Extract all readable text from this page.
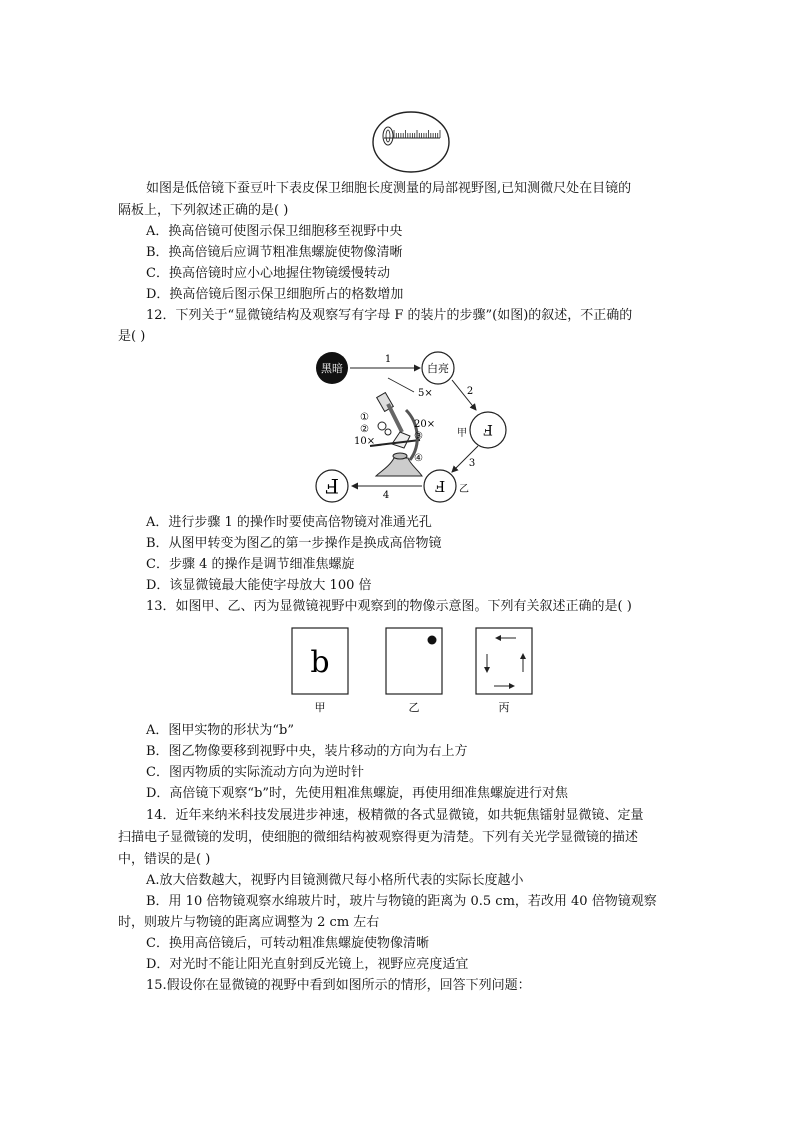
如图是低倍镜下蚕豆叶下表皮保卫细胞长度测量的局部视野图,已知测微尺处在目镜的
隔板上，下列叙述正确的是( )
A．换高倍镜可使图示保卫细胞移至视野中央
B．换高倍镜后应调节粗准焦螺旋使物像清晰
C．换高倍镜时应小心地握住物镜缓慢转动
D．换高倍镜后图示保卫细胞所占的格数增加
12．下列关于“显微镜结构及观察写有字母 F 的装片的步骤”(如图)的叙述，不正确的
是( )
黑暗	白亮
1
F
甲
2
F 乙
3
F	4
5×
①
②	20×
③
10×
④
A．进行步骤 1 的操作时要使高倍物镜对准通光孔
B．从图甲转变为图乙的第一步操作是换成高倍物镜
C．步骤 4 的操作是调节细准焦螺旋
D．该显微镜最大能使字母放大 100 倍
13．如图甲、乙、丙为显微镜视野中观察到的物像示意图。下列有关叙述正确的是( )
b
甲	乙	丙
A．图甲实物的形状为“b”
B．图乙物像要移到视野中央，装片移动的方向为右上方
C．图丙物质的实际流动方向为逆时针
D．高倍镜下观察“b”时，先使用粗准焦螺旋，再使用细准焦螺旋进行对焦
14．近年来纳米科技发展进步神速，极精微的各式显微镜，如共轭焦镭射显微镜、定量
扫描电子显微镜的发明，使细胞的微细结构被观察得更为清楚。下列有关光学显微镜的描述
中，错误的是( )
A.放大倍数越大，视野内目镜测微尺每小格所代表的实际长度越小
B．用 10 倍物镜观察水绵玻片时，玻片与物镜的距离为 0.5 cm，若改用 40 倍物镜观察
时，则玻片与物镜的距离应调整为 2 cm 左右
C．换用高倍镜后，可转动粗准焦螺旋使物像清晰
D．对光时不能让阳光直射到反光镜上，视野应亮度适宜
15.假设你在显微镜的视野中看到如图所示的情形，回答下列问题：
